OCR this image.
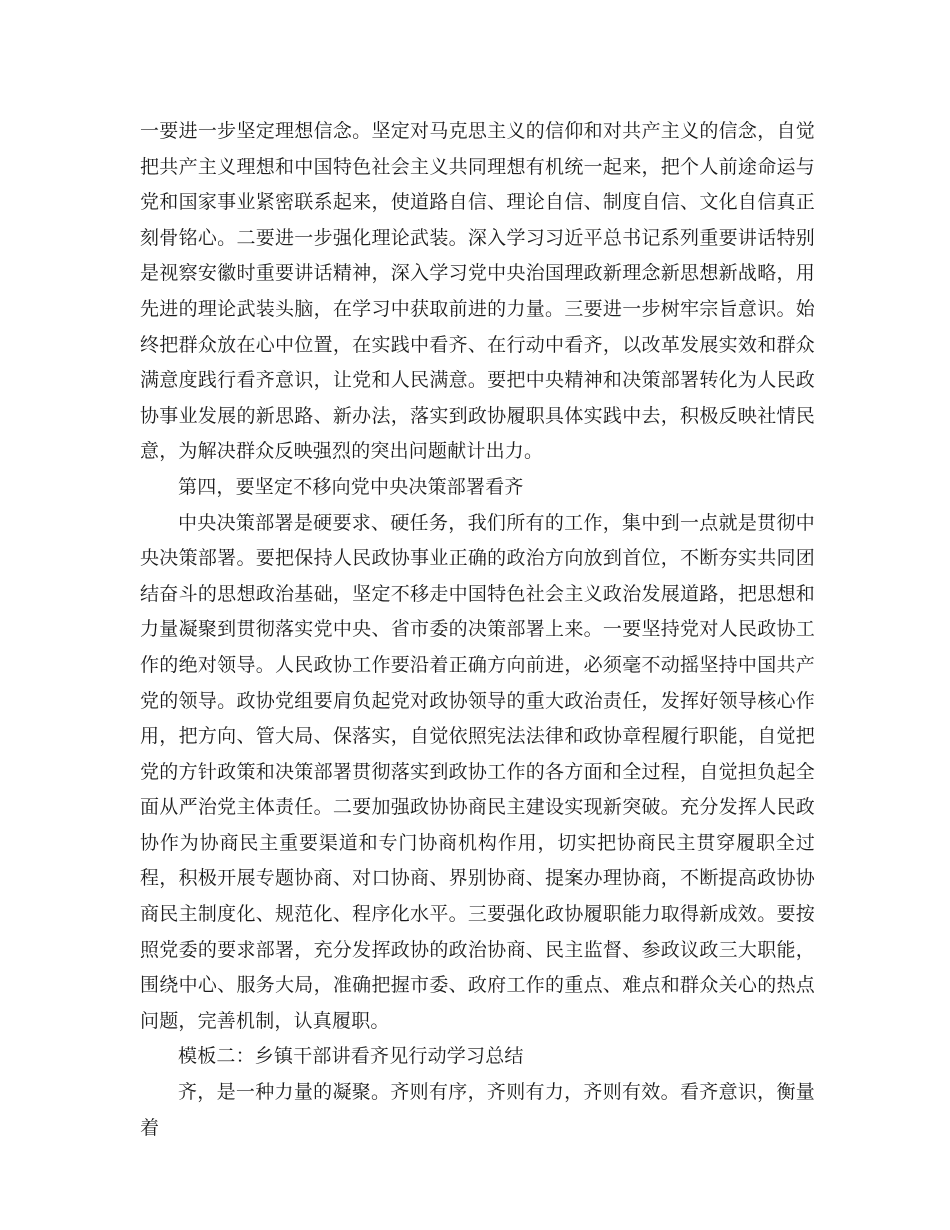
一要进一步坚定理想信念。坚定对马克思主义的信仰和对共产主义的信念，自觉把共产主义理想和中国特色社会主义共同理想有机统一起来，把个人前途命运与党和国家事业紧密联系起来，使道路自信、理论自信、制度自信、文化自信真正刻骨铭心。二要进一步强化理论武装。深入学习习近平总书记系列重要讲话特别是视察安徽时重要讲话精神，深入学习党中央治国理政新理念新思想新战略，用先进的理论武装头脑，在学习中获取前进的力量。三要进一步树牢宗旨意识。始终把群众放在心中位置，在实践中看齐、在行动中看齐，以改革发展实效和群众满意度践行看齐意识，让党和人民满意。要把中央精神和决策部署转化为人民政协事业发展的新思路、新办法，落实到政协履职具体实践中去，积极反映社情民意，为解决群众反映强烈的突出问题献计出力。

第四，要坚定不移向党中央决策部署看齐

中央决策部署是硬要求、硬任务，我们所有的工作，集中到一点就是贯彻中央决策部署。要把保持人民政协事业正确的政治方向放到首位，不断夯实共同团结奋斗的思想政治基础，坚定不移走中国特色社会主义政治发展道路，把思想和力量凝聚到贯彻落实党中央、省市委的决策部署上来。一要坚持党对人民政协工作的绝对领导。人民政协工作要沿着正确方向前进，必须毫不动摇坚持中国共产党的领导。政协党组要肩负起党对政协领导的重大政治责任，发挥好领导核心作用，把方向、管大局、保落实，自觉依照宪法法律和政协章程履行职能，自觉把党的方针政策和决策部署贯彻落实到政协工作的各方面和全过程，自觉担负起全面从严治党主体责任。二要加强政协协商民主建设实现新突破。充分发挥人民政协作为协商民主重要渠道和专门协商机构作用，切实把协商民主贯穿履职全过程，积极开展专题协商、对口协商、界别协商、提案办理协商，不断提高政协协商民主制度化、规范化、程序化水平。三要强化政协履职能力取得新成效。要按照党委的要求部署，充分发挥政协的政治协商、民主监督、参政议政三大职能，围绕中心、服务大局，准确把握市委、政府工作的重点、难点和群众关心的热点问题，完善机制，认真履职。

模板二：乡镇干部讲看齐见行动学习总结

齐，是一种力量的凝聚。齐则有序，齐则有力，齐则有效。看齐意识，衡量着
